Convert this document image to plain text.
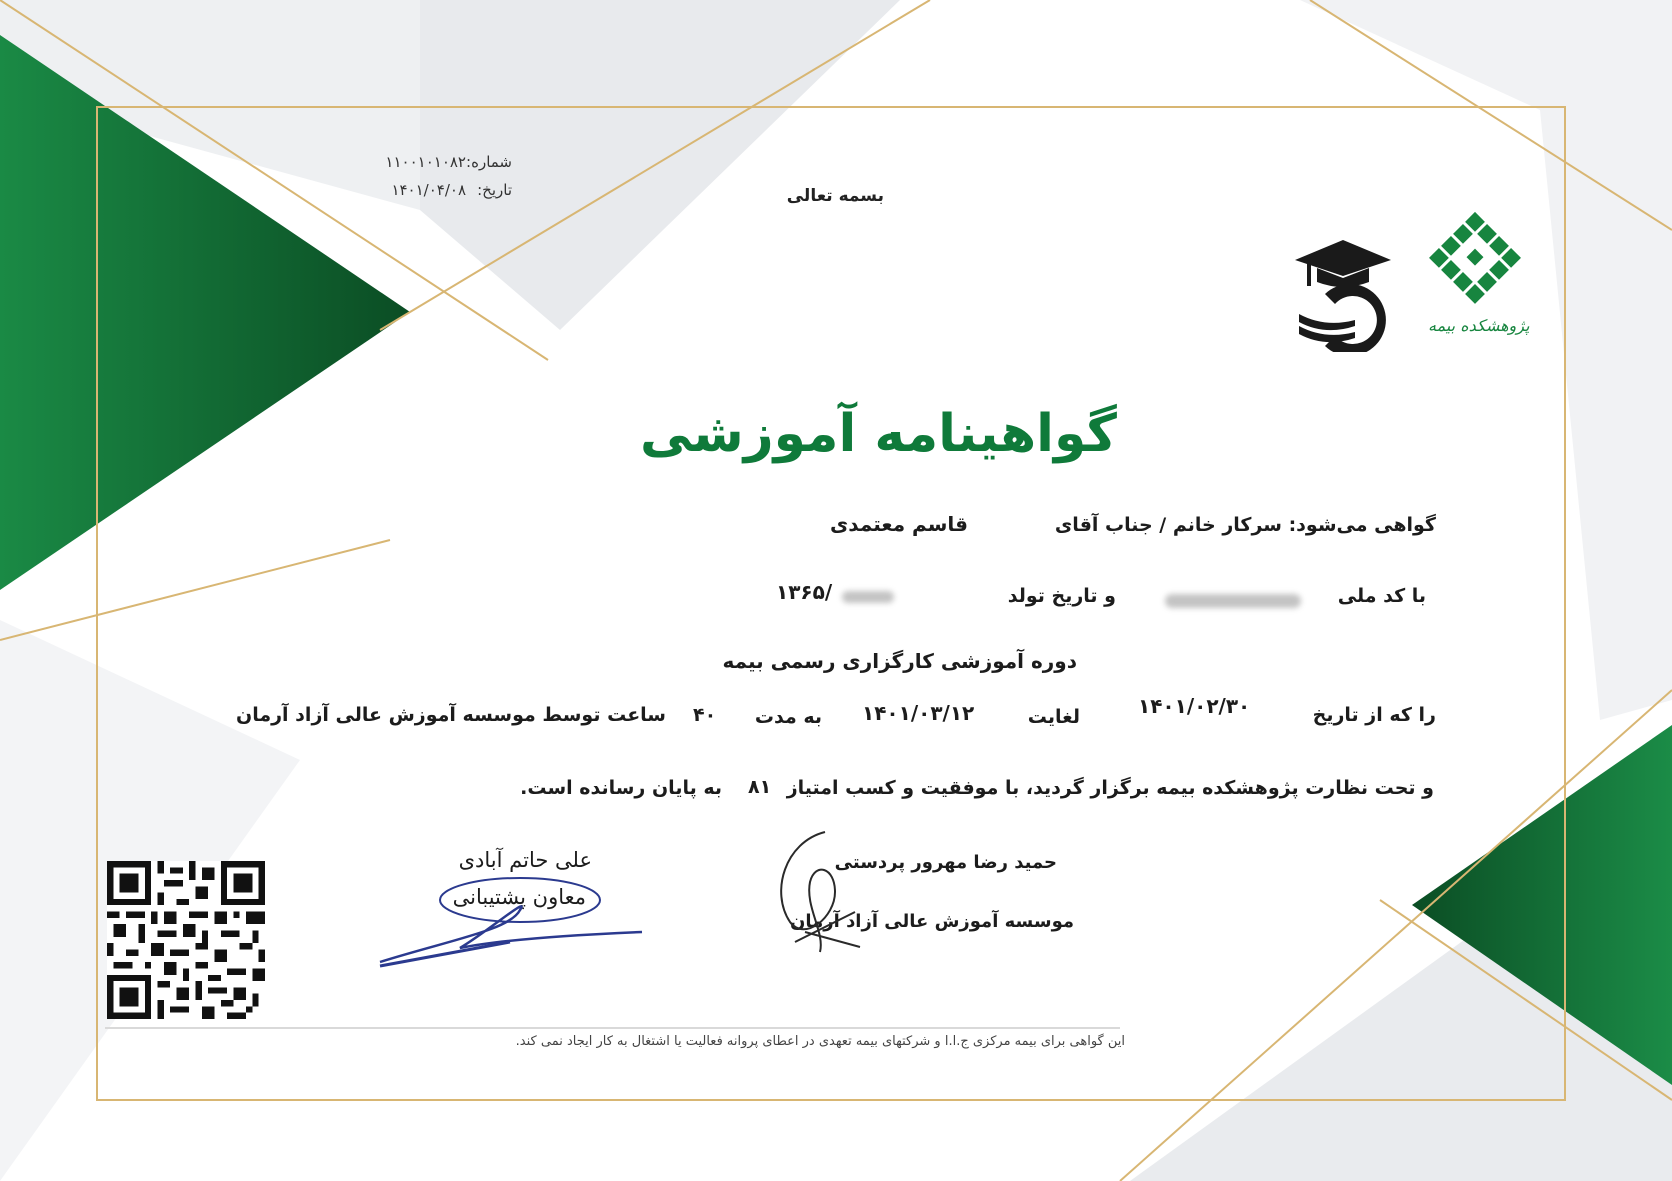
شماره:
۱۱۰۰۱۰۱۰۸۲
تاریخ:
۱۴۰۱/۰۴/۰۸	بسمه تعالی
پژوهشکده بیمه
گواهینامه آموزشی
گواهی می‌شود: سرکار خانم / جناب آقای
قاسم معتمدی
با کد ملی
و تاریخ تولد
۱۳۶۵/
دوره آموزشی کارگزاری رسمی بیمه
را که از تاریخ
۱۴۰۱/۰۲/۳۰
لغایت
۱۴۰۱/۰۳/۱۲
به مدت
۴۰
ساعت توسط موسسه آموزش عالی آزاد آرمان
و تحت نظارت پژوهشکده بیمه برگزار گردید، با موفقیت و کسب امتیاز
۸۱
به پایان رسانده است.
حمید رضا مهرور پردستی
موسسه آموزش عالی آزاد آرمان
علی حاتم آبادی
معاون پشتیبانی
این گواهی برای بیمه مرکزی ج.ا.ا و شرکتهای بیمه تعهدی در اعطای پروانه فعالیت یا اشتغال به کار ایجاد نمی کند.
